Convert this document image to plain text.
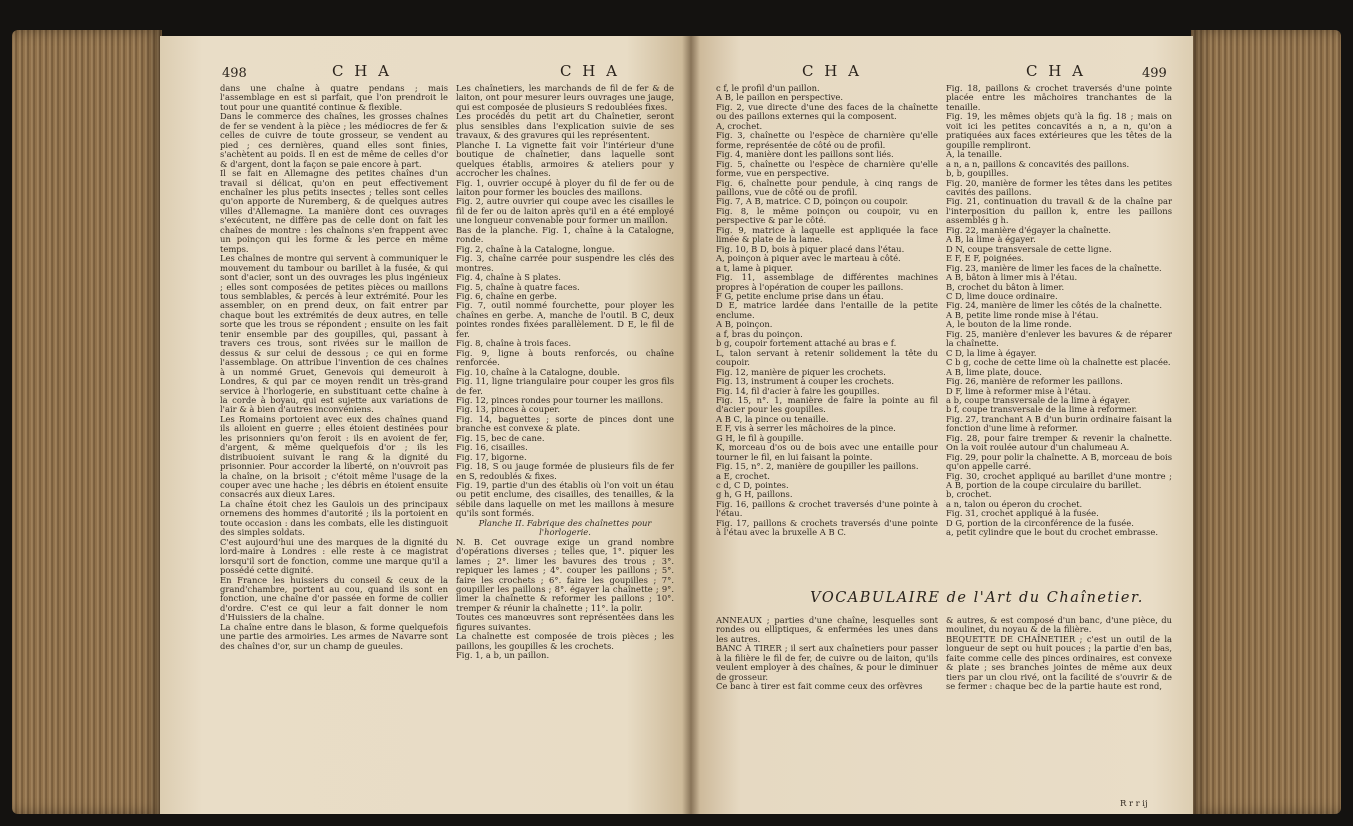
498	C H A	C H A

dans une chaîne à quatre pendans ; mais l'assemblage en est si parfait, que l'on prendroit le tout pour une quantité continue & flexible.

Dans le commerce des chaînes, les grosses chaînes de fer se vendent à la pièce ; les médiocres de fer & celles de cuivre de toute grosseur, se vendent au pied ; ces dernières, quand elles sont finies, s'achètent au poids. Il en est de même de celles d'or & d'argent, dont la façon se paie encore à part.

Il se fait en Allemagne des petites chaînes d'un travail si délicat, qu'on en peut effectivement enchaîner les plus petits insectes ; telles sont celles qu'on apporte de Nuremberg, & de quelques autres villes d'Allemagne. La manière dont ces ouvrages s'exécutent, ne diffère pas de celle dont on fait les chaînes de montre : les chaînons s'en frappent avec un poinçon qui les forme & les perce en même temps.

Les chaînes de montre qui servent à communiquer le mouvement du tambour ou barillet à la fusée, & qui sont d'acier, sont un des ouvrages les plus ingénieux ; elles sont composées de petites pièces ou maillons tous semblables, & percés à leur extrémité. Pour les assembler, on en prend deux, on fait entrer par chaque bout les extrémités de deux autres, en telle sorte que les trous se répondent ; ensuite on les fait tenir ensemble par des goupilles, qui, passant à travers ces trous, sont rivées sur le maillon de dessus & sur celui de dessous ; ce qui en forme l'assemblage. On attribue l'invention de ces chaînes à un nommé Gruet, Genevois qui demeuroit à Londres, & qui par ce moyen rendit un très-grand service à l'horlogerie, en substituant cette chaîne à la corde à boyau, qui est sujette aux variations de l'air & à bien d'autres inconvéniens.

Les Romains portoient avec eux des chaînes quand ils alloient en guerre ; elles étoient destinées pour les prisonniers qu'on feroit : ils en avoient de fer, d'argent, & même quelquefois d'or ; ils les distribuoient suivant le rang & la dignité du prisonnier. Pour accorder la liberté, on n'ouvroit pas la chaîne, on la brisoit ; c'étoit même l'usage de la couper avec une hache ; les débris en étoient ensuite consacrés aux dieux Lares.

La chaîne étoit chez les Gaulois un des principaux ornemens des hommes d'autorité ; ils la portoient en toute occasion : dans les combats, elle les distinguoit des simples soldats.

C'est aujourd'hui une des marques de la dignité du lord-maire à Londres : elle reste à ce magistrat lorsqu'il sort de fonction, comme une marque qu'il a possédé cette dignité.

En France les huissiers du conseil & ceux de la grand'chambre, portent au cou, quand ils sont en fonction, une chaîne d'or passée en forme de collier d'ordre. C'est ce qui leur a fait donner le nom d'Huissiers de la chaîne.

La chaîne entre dans le blason, & forme quelquefois une partie des armoiries. Les armes de Navarre sont des chaînes d'or, sur un champ de gueules.

Les chaînetiers, les marchands de fil de fer & de laiton, ont pour mesurer leurs ouvrages une jauge, qui est composée de plusieurs S redoublées fixes.

Les procédés du petit art du Chaînetier, seront plus sensibles dans l'explication suivie de ses travaux, & des gravures qui les représentent.

Planche I. La vignette fait voir l'intérieur d'une boutique de chaînetier, dans laquelle sont quelques établis, armoires & ateliers pour y accrocher les chaînes.

Fig. 1, ouvrier occupé à ployer du fil de fer ou de laiton pour former les boucles des maillons.

Fig. 2, autre ouvrier qui coupe avec les cisailles le fil de fer ou de laiton après qu'il en a été employé une longueur convenable pour former un maillon.

Bas de la planche. Fig. 1, chaîne à la Catalogne, ronde.

Fig. 2, chaîne à la Catalogne, longue.

Fig. 3, chaîne carrée pour suspendre les clés des montres.

Fig. 4, chaîne à S plates.

Fig. 5, chaîne à quatre faces.

Fig. 6, chaîne en gerbe.

Fig. 7, outil nommé fourchette, pour ployer les chaînes en gerbe. A, manche de l'outil. B C, deux pointes rondes fixées parallèlement. D E, le fil de fer.

Fig. 8, chaîne à trois faces.

Fig. 9, ligne à bouts renforcés, ou chaîne renforcée.

Fig. 10, chaîne à la Catalogne, double.

Fig. 11, ligne triangulaire pour couper les gros fils de fer.

Fig. 12, pinces rondes pour tourner les maillons.

Fig. 13, pinces à couper.

Fig. 14, baguettes ; sorte de pinces dont une branche est convexe & plate.

Fig. 15, bec de cane.

Fig. 16, cisailles.

Fig. 17, bigorne.

Fig. 18, S ou jauge formée de plusieurs fils de fer en S, redoublés & fixes.

Fig. 19, partie d'un des établis où l'on voit un étau ou petit enclume, des cisailles, des tenailles, & la sébile dans laquelle on met les maillons à mesure qu'ils sont formés.

Planche II. Fabrique des chaînettes pour l'horlogerie.

N. B. Cet ouvrage exige un grand nombre d'opérations diverses ; telles que, 1°. piquer les lames ; 2°. limer les bavures des trous ; 3°. repiquer les lames ; 4°. couper les paillons ; 5°. faire les crochets ; 6°. faire les goupilles ; 7°. goupiller les paillons ; 8°. égayer la chaînette ; 9°. limer la chaînette & reformer les paillons ; 10°. tremper & réunir la chaînette ; 11°. la polir.

Toutes ces manœuvres sont représentées dans les figures suivantes.

La chaînette est composée de trois pièces ; les paillons, les goupilles & les crochets.

Fig. 1, a b, un paillon.

C H A	C H A	499

c f, le profil d'un paillon.

A B, le paillon en perspective.

Fig. 2, vue directe d'une des faces de la chaînette ou des paillons externes qui la composent.

A, crochet.

Fig. 3, chaînette ou l'espèce de charnière qu'elle forme, représentée de côté ou de profil.

Fig. 4, manière dont les paillons sont liés.

Fig. 5, chaînette ou l'espèce de charnière qu'elle forme, vue en perspective.

Fig. 6, chaînette pour pendule, à cinq rangs de paillons, vue de côté ou de profil.

Fig. 7, A B, matrice. C D, poinçon ou coupoir.

Fig. 8, le même poinçon ou coupoir, vu en perspective & par le côté.

Fig. 9, matrice à laquelle est appliquée la face limée & plate de la lame.

Fig. 10, B D, bois à piquer placé dans l'étau.

A, poinçon à piquer avec le marteau à côté.

a t, lame à piquer.

Fig. 11, assemblage de différentes machines propres à l'opération de couper les paillons.

F G, petite enclume prise dans un étau.

D E, matrice lardée dans l'entaille de la petite enclume.

A B, poinçon.

a f, bras du poinçon.

b g, coupoir fortement attaché au bras e f.

L, talon servant à retenir solidement la tête du coupoir.

Fig. 12, manière de piquer les crochets.

Fig. 13, instrument à couper les crochets.

Fig. 14, fil d'acier à faire les goupilles.

Fig. 15, n°. 1, manière de faire la pointe au fil d'acier pour les goupilles.

A B C, la pince ou tenaille.

E F, vis à serrer les mâchoires de la pince.

G H, le fil à goupille.

K, morceau d'os ou de bois avec une entaille pour tourner le fil, en lui faisant la pointe.

Fig. 15, n°. 2, manière de goupiller les paillons.

a E, crochet.

c d, C D, pointes.

g h, G H, paillons.

Fig. 16, paillons & crochet traversés d'une pointe à l'étau.

Fig. 17, paillons & crochets traversés d'une pointe à l'étau avec la bruxelle A B C.

Fig. 18, paillons & crochet traversés d'une pointe placée entre les mâchoires tranchantes de la tenaille.

Fig. 19, les mêmes objets qu'à la fig. 18 ; mais on voit ici les petites concavités a n, a n, qu'on a pratiquées aux faces extérieures que les têtes de la goupille rempliront.

A, la tenaille.

a n, a n, paillons & concavités des paillons.

b, b, goupilles.

Fig. 20, manière de former les têtes dans les petites cavités des paillons.

Fig. 21, continuation du travail & de la chaîne par l'interposition du paillon k, entre les paillons assemblés g h.

Fig. 22, manière d'égayer la chaînette.

A B, la lime à égayer.

D N, coupe transversale de cette ligne.

E F, E F, poignées.

Fig. 23, manière de limer les faces de la chaînette.

A B, bâton à limer mis à l'étau.

B, crochet du bâton à limer.

C D, lime douce ordinaire.

Fig. 24, manière de limer les côtés de la chaînette.

A B, petite lime ronde mise à l'étau.

A, le bouton de la lime ronde.

Fig. 25, manière d'enlever les bavures & de réparer la chaînette.

C D, la lime à égayer.

C b g, coche de cette lime où la chaînette est placée.

A B, lime plate, douce.

Fig. 26, manière de reformer les paillons.

D F, lime à reformer mise à l'étau.

a b, coupe transversale de la lime à égayer.

b f, coupe transversale de la lime à reformer.

Fig. 27, tranchant A B d'un burin ordinaire faisant la fonction d'une lime à reformer.

Fig. 28, pour faire tremper & revenir la chaînette. On la voit roulée autour d'un chalumeau A.

Fig. 29, pour polir la chaînette. A B, morceau de bois qu'on appelle carré.

Fig. 30, crochet appliqué au barillet d'une montre ; A B, portion de la coupe circulaire du barillet.

b, crochet.

a n, talon ou éperon du crochet.

Fig. 31, crochet appliqué à la fusée.

D G, portion de la circonférence de la fusée.

a, petit cylindre que le bout du crochet embrasse.

VOCABULAIRE de l'Art du Chaînetier.

ANNEAUX ; parties d'une chaîne, lesquelles sont rondes ou elliptiques, & enfermées les unes dans les autres.

BANC À TIRER ; il sert aux chaînetiers pour passer à la filière le fil de fer, de cuivre ou de laiton, qu'ils veulent employer à des chaînes, & pour le diminuer de grosseur.

Ce banc à tirer est fait comme ceux des orfèvres

& autres, & est composé d'un banc, d'une pièce, du moulinet, du noyau & de la filière.

BEQUETTE DE CHAÎNETIER ; c'est un outil de la longueur de sept ou huit pouces ; la partie d'en bas, faite comme celle des pinces ordinaires, est convexe & plate ; ses branches jointes de même aux deux tiers par un clou rivé, ont la facilité de s'ouvrir & de se fermer : chaque bec de la partie haute est rond,

R r r ij
